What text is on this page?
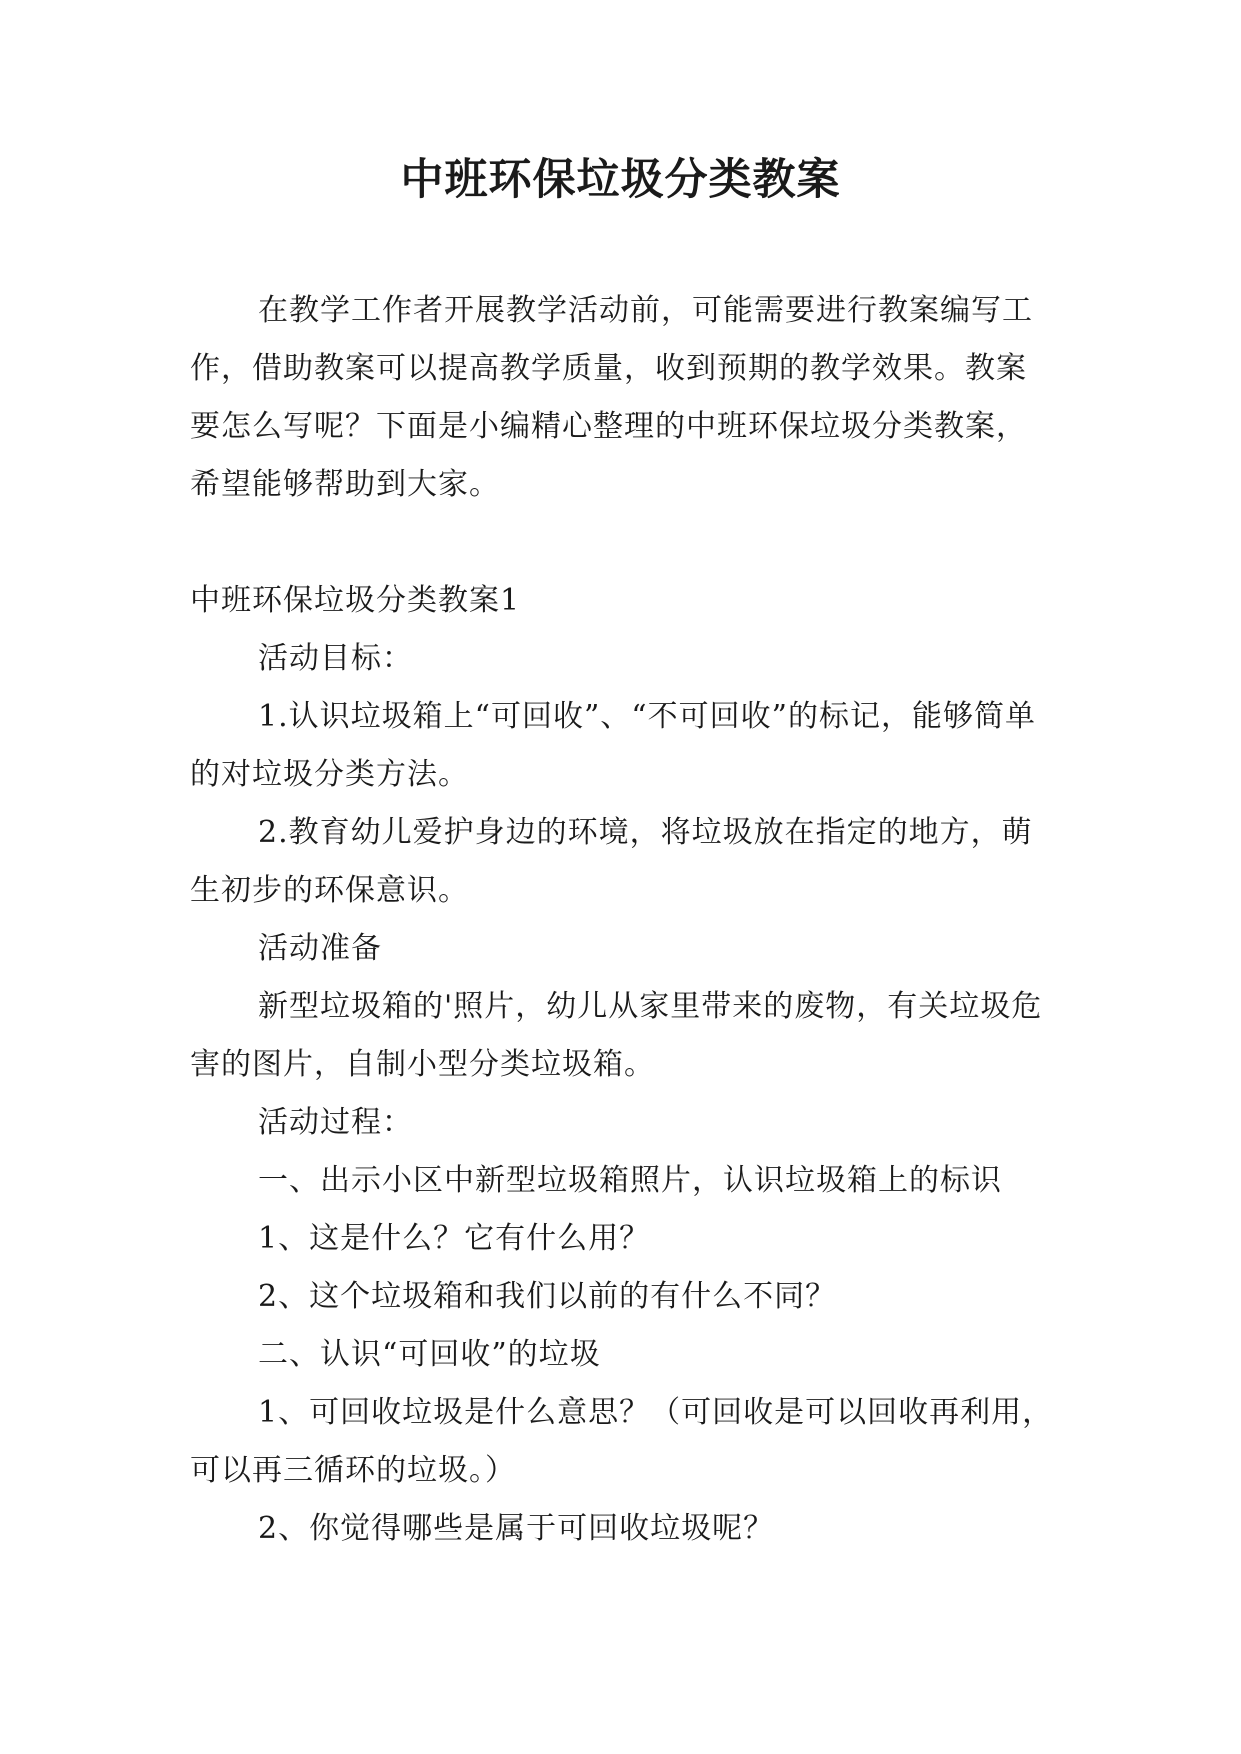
中班环保垃圾分类教案

在教学工作者开展教学活动前，可能需要进行教案编写工作，借助教案可以提高教学质量，收到预期的教学效果。教案要怎么写呢？下面是小编精心整理的中班环保垃圾分类教案，希望能够帮助到大家。

中班环保垃圾分类教案1

活动目标：

1.认识垃圾箱上“可回收”、“不可回收”的标记，能够简单的对垃圾分类方法。

2.教育幼儿爱护身边的环境，将垃圾放在指定的地方，萌生初步的环保意识。

活动准备

新型垃圾箱的'照片，幼儿从家里带来的废物，有关垃圾危害的图片，自制小型分类垃圾箱。

活动过程：

一、出示小区中新型垃圾箱照片，认识垃圾箱上的标识

1、这是什么？它有什么用？

2、这个垃圾箱和我们以前的有什么不同？

二、认识“可回收”的垃圾

1、可回收垃圾是什么意思？（可回收是可以回收再利用，可以再三循环的垃圾。）

2、你觉得哪些是属于可回收垃圾呢？
